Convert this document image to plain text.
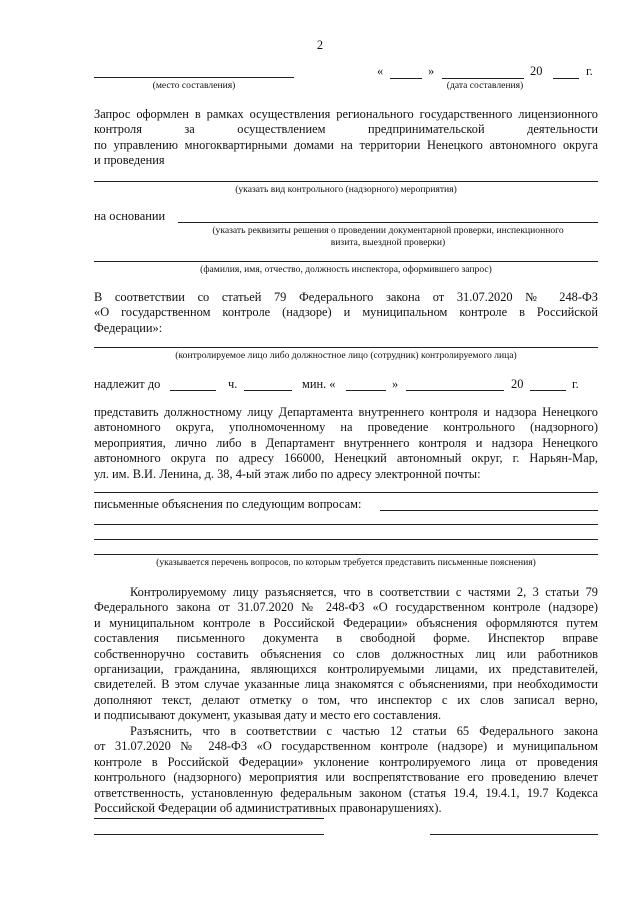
2
(место составления)
«	»	20	г.
(дата составления)
Запрос оформлен в рамках осуществления регионального государственного лицензионного
контроля за осуществлением предпринимательской деятельности
по управлению многоквартирными домами на территории Ненецкого автономного округа
и проведения
(указать вид контрольного (надзорного) мероприятия)
на основании
(указать реквизиты решения о проведении документарной проверки, инспекционного
визита, выездной проверки)
(фамилия, имя, отчество, должность инспектора, оформившего запрос)
В соответствии со статьей 79 Федерального закона от 31.07.2020 № 248-ФЗ
«О государственном контроле (надзоре) и муниципальном контроле в Российской
Федерации»:
(контролируемое лицо либо должностное лицо (сотрудник) контролируемого лица)
надлежит до	ч.	мин. «	»	20	г.
представить должностному лицу Департамента внутреннего контроля и надзора Ненецкого
автономного округа, уполномоченному на проведение контрольного (надзорного)
мероприятия, лично либо в Департамент внутреннего контроля и надзора Ненецкого
автономного округа по адресу 166000, Ненецкий автономный округ, г. Нарьян-Мар,
ул. им. В.И. Ленина, д. 38, 4-ый этаж либо по адресу электронной почты:
письменные объяснения по следующим вопросам:
(указывается перечень вопросов, по которым требуется представить письменные пояснения)
Контролируемому лицу разъясняется, что в соответствии с частями 2, 3 статьи 79
Федерального закона от 31.07.2020 № 248-ФЗ «О государственном контроле (надзоре)
и муниципальном контроле в Российской Федерации» объяснения оформляются путем
составления письменного документа в свободной форме. Инспектор вправе
собственноручно составить объяснения со слов должностных лиц или работников
организации, гражданина, являющихся контролируемыми лицами, их представителей,
свидетелей. В этом случае указанные лица знакомятся с объяснениями, при необходимости
дополняют текст, делают отметку о том, что инспектор с их слов записал верно,
и подписывают документ, указывая дату и место его составления.
Разъяснить, что в соответствии с частью 12 статьи 65 Федерального закона
от 31.07.2020 № 248-ФЗ «О государственном контроле (надзоре) и муниципальном
контроле в Российской Федерации» уклонение контролируемого лица от проведения
контрольного (надзорного) мероприятия или воспрепятствование его проведению влечет
ответственность, установленную федеральным законом (статья 19.4, 19.4.1, 19.7 Кодекса
Российской Федерации об административных правонарушениях).
